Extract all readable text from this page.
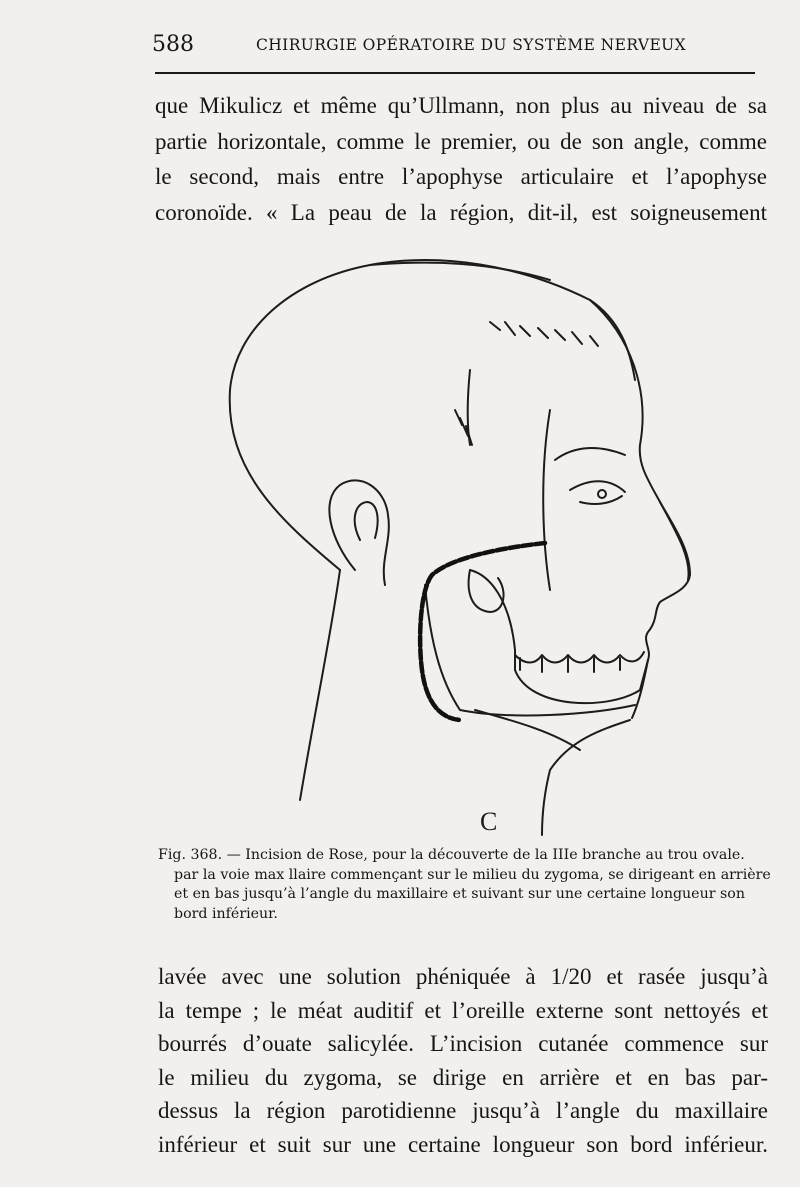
588	CHIRURGIE OPÉRATOIRE DU SYSTÈME NERVEUX
que Mikulicz et même qu’Ullmann, non plus au niveau de sa
partie horizontale, comme le premier, ou de son angle, comme
le second, mais entre l’apophyse articulaire et l’apophyse
coronoïde. « La peau de la région, dit-il, est soigneusement
C
Fig. 368. — Incision de Rose, pour la découverte de la IIIe branche au trou ovale.
par la voie max llaire commençant sur le milieu du zygoma, se dirigeant en arrière
et en bas jusqu’à l’angle du maxillaire et suivant sur une certaine longueur son
bord inférieur.
lavée avec une solution phéniquée à 1/20 et rasée jusqu’à
la tempe ; le méat auditif et l’oreille externe sont nettoyés et
bourrés d’ouate salicylée. L’incision cutanée commence sur
le milieu du zygoma, se dirige en arrière et en bas par-
dessus la région parotidienne jusqu’à l’angle du maxillaire
inférieur et suit sur une certaine longueur son bord inférieur.
